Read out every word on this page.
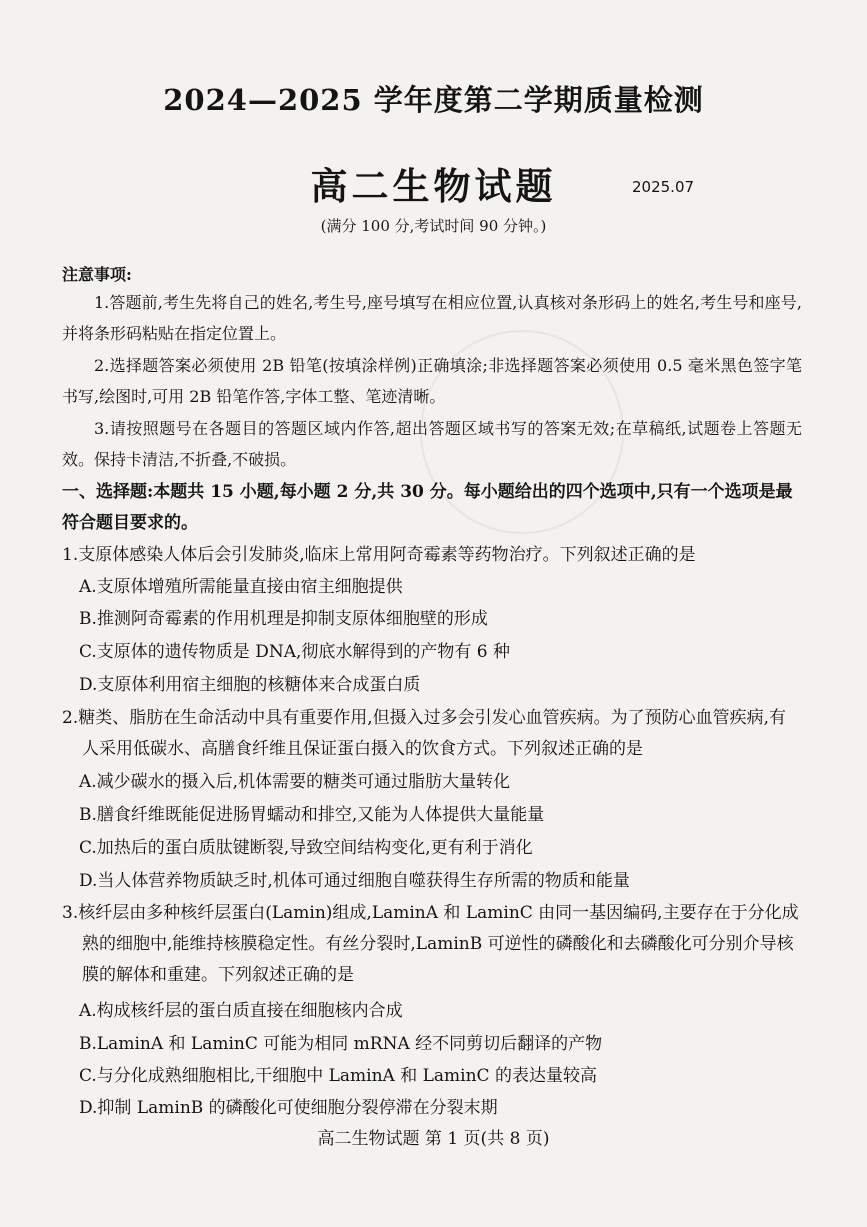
2024—2025 学年度第二学期质量检测
高二生物试题	2025.07
(满分 100 分,考试时间 90 分钟。)
注意事项:
1.答题前,考生先将自己的姓名,考生号,座号填写在相应位置,认真核对条形码上的姓名,考生号和座号,并将条形码粘贴在指定位置上。
2.选择题答案必须使用 2B 铅笔(按填涂样例)正确填涂;非选择题答案必须使用 0.5 毫米黑色签字笔书写,绘图时,可用 2B 铅笔作答,字体工整、笔迹清晰。
3.请按照题号在各题目的答题区域内作答,超出答题区域书写的答案无效;在草稿纸,试题卷上答题无效。保持卡清洁,不折叠,不破损。
一、选择题:本题共 15 小题,每小题 2 分,共 30 分。每小题给出的四个选项中,只有一个选项是最符合题目要求的。
1.支原体感染人体后会引发肺炎,临床上常用阿奇霉素等药物治疗。下列叙述正确的是
A.支原体增殖所需能量直接由宿主细胞提供
B.推测阿奇霉素的作用机理是抑制支原体细胞壁的形成
C.支原体的遗传物质是 DNA,彻底水解得到的产物有 6 种
D.支原体利用宿主细胞的核糖体来合成蛋白质
2.糖类、脂肪在生命活动中具有重要作用,但摄入过多会引发心血管疾病。为了预防心血管疾病,有人采用低碳水、高膳食纤维且保证蛋白摄入的饮食方式。下列叙述正确的是
A.减少碳水的摄入后,机体需要的糖类可通过脂肪大量转化
B.膳食纤维既能促进肠胃蠕动和排空,又能为人体提供大量能量
C.加热后的蛋白质肽键断裂,导致空间结构变化,更有利于消化
D.当人体营养物质缺乏时,机体可通过细胞自噬获得生存所需的物质和能量
3.核纤层由多种核纤层蛋白(Lamin)组成,LaminA 和 LaminC 由同一基因编码,主要存在于分化成熟的细胞中,能维持核膜稳定性。有丝分裂时,LaminB 可逆性的磷酸化和去磷酸化可分别介导核膜的解体和重建。下列叙述正确的是
A.构成核纤层的蛋白质直接在细胞核内合成
B.LaminA 和 LaminC 可能为相同 mRNA 经不同剪切后翻译的产物
C.与分化成熟细胞相比,干细胞中 LaminA 和 LaminC 的表达量较高
D.抑制 LaminB 的磷酸化可使细胞分裂停滞在分裂末期
高二生物试题 第 1 页(共 8 页)
